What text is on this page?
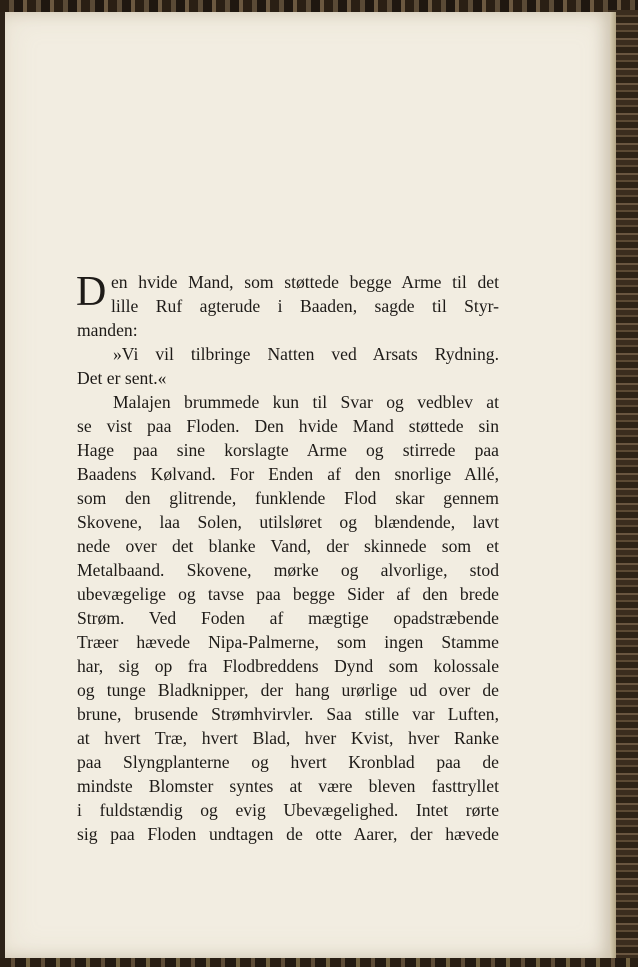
D en hvide Mand, som støttede begge Arme til det
lille Ruf agterude i Baaden, sagde til Styr-
manden:
»Vi vil tilbringe Natten ved Arsats Rydning.
Det er sent.«
Malajen brummede kun til Svar og vedblev at
se vist paa Floden. Den hvide Mand støttede sin
Hage paa sine korslagte Arme og stirrede paa
Baadens Kølvand. For Enden af den snorlige Allé,
som den glitrende, funklende Flod skar gennem
Skovene, laa Solen, utilsløret og blændende, lavt
nede over det blanke Vand, der skinnede som et
Metalbaand. Skovene, mørke og alvorlige, stod
ubevægelige og tavse paa begge Sider af den brede
Strøm. Ved Foden af mægtige opadstræbende
Træer hævede Nipa-Palmerne, som ingen Stamme
har, sig op fra Flodbreddens Dynd som kolossale
og tunge Bladknipper, der hang urørlige ud over de
brune, brusende Strømhvirvler. Saa stille var Luften,
at hvert Træ, hvert Blad, hver Kvist, hver Ranke
paa Slyngplanterne og hvert Kronblad paa de
mindste Blomster syntes at være bleven fasttryllet
i fuldstændig og evig Ubevægelighed. Intet rørte
sig paa Floden undtagen de otte Aarer, der hævede
